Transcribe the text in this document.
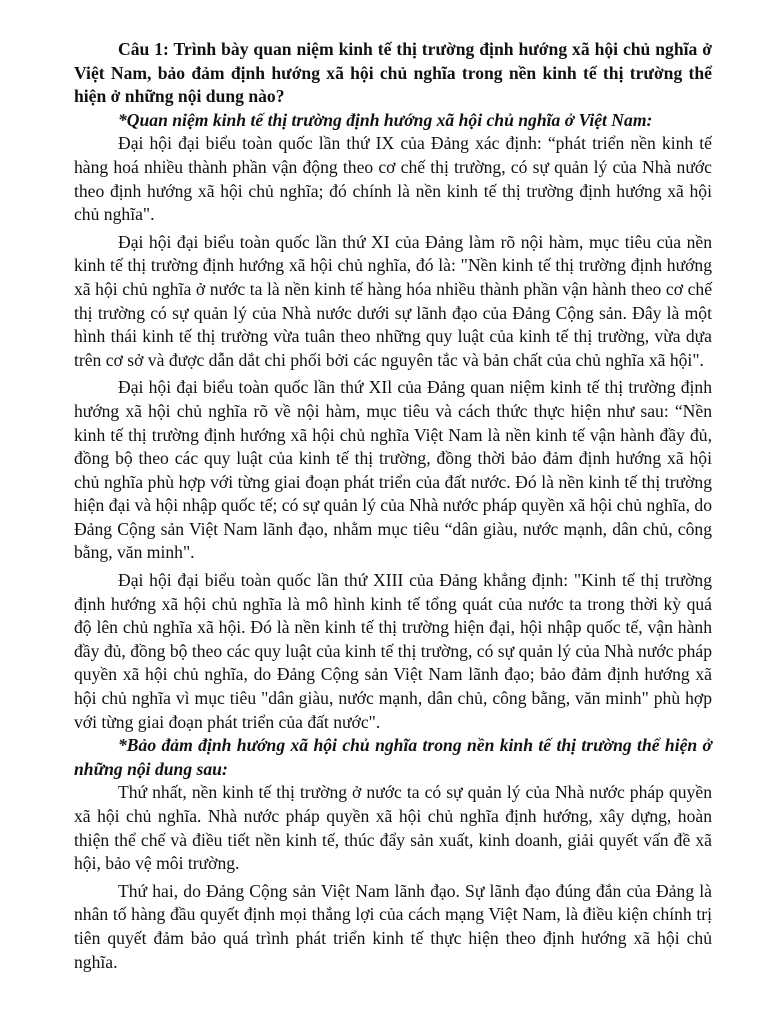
Câu 1: Trình bày quan niệm kinh tế thị trường định hướng xã hội chủ nghĩa ở Việt Nam, bảo đảm định hướng xã hội chủ nghĩa trong nền kinh tế thị trường thể hiện ở những nội dung nào?

*Quan niệm kinh tế thị trường định hướng xã hội chủ nghĩa ở Việt Nam:

Đại hội đại biểu toàn quốc lần thứ IX của Đảng xác định: “phát triển nền kinh tế hàng hoá nhiều thành phần vận động theo cơ chế thị trường, có sự quản lý của Nhà nước theo định hướng xã hội chủ nghĩa; đó chính là nền kinh tế thị trường định hướng xã hội chủ nghĩa".

Đại hội đại biểu toàn quốc lần thứ XI của Đảng làm rõ nội hàm, mục tiêu của nền kinh tế thị trường định hướng xã hội chủ nghĩa, đó là: "Nền kinh tế thị trường định hướng xã hội chủ nghĩa ở nước ta là nền kinh tế hàng hóa nhiều thành phần vận hành theo cơ chế thị trường có sự quản lý của Nhà nước dưới sự lãnh đạo của Đảng Cộng sản. Đây là một hình thái kinh tế thị trường vừa tuân theo những quy luật của kinh tế thị trường, vừa dựa trên cơ sở và được dẫn dắt chi phối bởi các nguyên tắc và bản chất của chủ nghĩa xã hội".

Đại hội đại biểu toàn quốc lần thứ XIl của Đảng quan niệm kinh tế thị trường định hướng xã hội chủ nghĩa rõ về nội hàm, mục tiêu và cách thức thực hiện như sau: “Nền kinh tế thị trường định hướng xã hội chủ nghĩa Việt Nam là nền kinh tế vận hành đầy đủ, đồng bộ theo các quy luật của kinh tế thị trường, đồng thời bảo đảm định hướng xã hội chủ nghĩa phù hợp với từng giai đoạn phát triển của đất nước. Đó là nền kinh tế thị trường hiện đại và hội nhập quốc tế; có sự quản lý của Nhà nước pháp quyền xã hội chủ nghĩa, do Đảng Cộng sản Việt Nam lãnh đạo, nhằm mục tiêu “dân giàu, nước mạnh, dân chủ, công bằng, văn minh".

Đại hội đại biểu toàn quốc lần thứ XIII của Đảng khẳng định: "Kinh tế thị trường định hướng xã hội chủ nghĩa là mô hình kinh tế tổng quát của nước ta trong thời kỳ quá độ lên chủ nghĩa xã hội. Đó là nền kinh tế thị trường hiện đại, hội nhập quốc tế, vận hành đầy đủ, đồng bộ theo các quy luật của kinh tế thị trường, có sự quản lý của Nhà nước pháp quyền xã hội chủ nghĩa, do Đảng Cộng sản Việt Nam lãnh đạo; bảo đảm định hướng xã hội chủ nghĩa vì mục tiêu "dân giàu, nước mạnh, dân chủ, công bằng, văn minh" phù hợp với từng giai đoạn phát triển của đất nước".

*Bảo đảm định hướng xã hội chủ nghĩa trong nền kinh tế thị trường thể hiện ở những nội dung sau:

Thứ nhất, nền kinh tế thị trường ở nước ta có sự quản lý của Nhà nước pháp quyền xã hội chủ nghĩa. Nhà nước pháp quyền xã hội chủ nghĩa định hướng, xây dựng, hoàn thiện thể chế và điều tiết nền kinh tế, thúc đẩy sản xuất, kinh doanh, giải quyết vấn đề xã hội, bảo vệ môi trường.

Thứ hai, do Đảng Cộng sản Việt Nam lãnh đạo. Sự lãnh đạo đúng đắn của Đảng là nhân tố hàng đầu quyết định mọi thắng lợi của cách mạng Việt Nam, là điều kiện chính trị tiên quyết đảm bảo quá trình phát triển kinh tế thực hiện theo định hướng xã hội chủ nghĩa.
